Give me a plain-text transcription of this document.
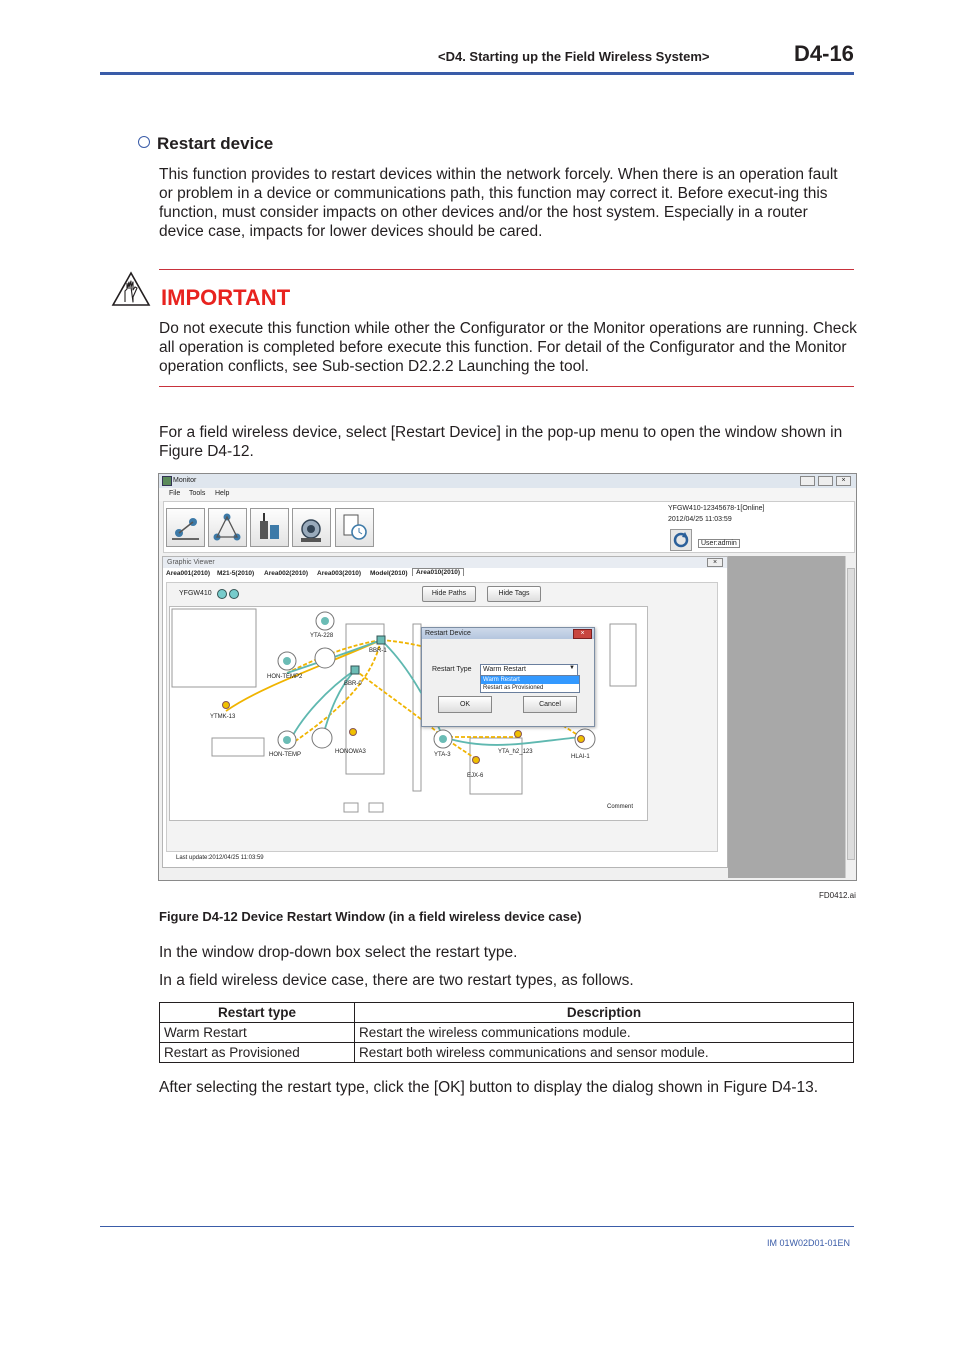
<D4. Starting up the Field Wireless System>	D4-16
Restart device
This function provides to restart devices within the network forcely. When there is an operation fault or problem in a device or communications path, this function may correct it. Before execut-ing this function, must consider impacts on other devices and/or the host system. Especially in a router device case, impacts for lower devices should be cared.
IMPORTANT
Do not execute this function while other the Configurator or the Monitor operations are running. Check all operation is completed before execute this function. For detail of the Configurator and the Monitor operation conflicts, see Sub-section D2.2.2 Launching the tool.
For a field wireless device, select [Restart Device] in the pop-up menu to open the window shown in Figure D4-12.
Monitor	×
File Tools Help
YFGW410-12345678-1[Online]
2012/04/25 11:03:59
User:admin
Graphic Viewer	×
Area001(2010) M21-5(2010) Area002(2010) Area003(2010) Model(2010)	Area010(2010)
YFGW410	Hide Paths	Hide Tags
YTA-228
BBR-1
HON-TEMP2
BBR-0
YTMK-13
HON-TEMP	HONOWA3	YTA-3	YTA_h2_123
HLAI-1
EJX-6
Comment
Last update:2012/04/25 11:03:59
Restart Device	×
Restart Type Warm Restart	▼
Warm Restart
Restart as Provisioned
OK	Cancel
FD0412.ai
Figure D4-12 Device Restart Window (in a field wireless device case)
In the window drop-down box select the restart type.
In a field wireless device case, there are two restart types, as follows.
Restart type	Description
Warm Restart	Restart the wireless communications module.
Restart as Provisioned	Restart both wireless communications and sensor module.
After selecting the restart type, click the [OK] button to display the dialog shown in Figure D4-13.
IM 01W02D01-01EN
